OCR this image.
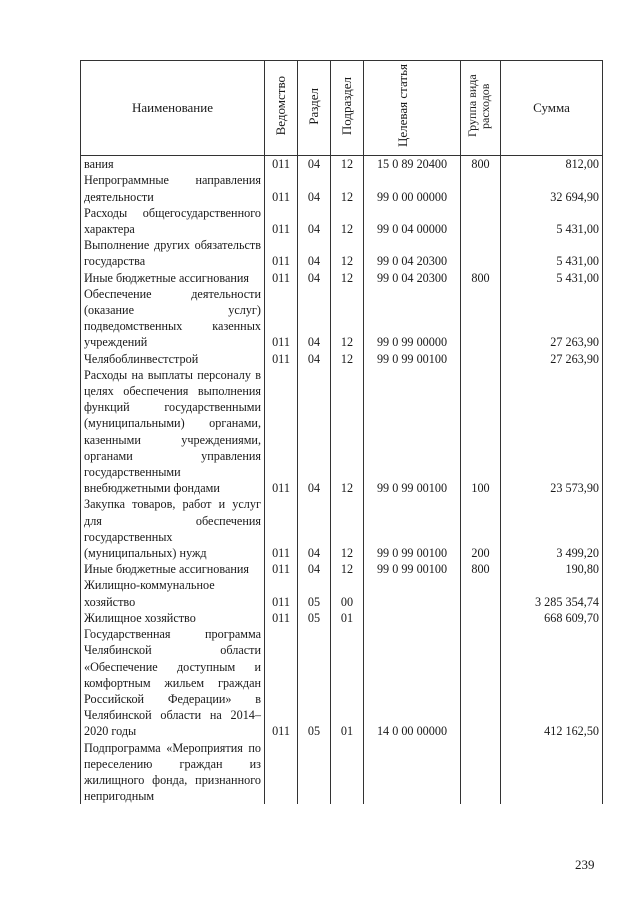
Наименование	Ведомство	Раздел	Подраздел	Целевая статья	Группа вида расходов	Сумма
вания	011	04	12	15 0 89 20400	800	812,00
Непрограммные направления деятельности	011	04	12	99 0 00 00000		32 694,90
Расходы общегосударственного характера	011	04	12	99 0 04 00000		5 431,00
Выполнение других обязательств государства	011	04	12	99 0 04 20300		5 431,00
Иные бюджетные ассигнования	011	04	12	99 0 04 20300	800	5 431,00
Обеспечение деятельности (оказание услуг) подведомственных казенных учреждений	011	04	12	99 0 99 00000		27 263,90
Челябоблинвестстрой	011	04	12	99 0 99 00100		27 263,90
Расходы на выплаты персоналу в целях обеспечения выполнения функций государственными (муниципальными) органами, казенными учреждениями, органами управления государственными внебюджетными фондами	011	04	12	99 0 99 00100	100	23 573,90
Закупка товаров, работ и услуг для обеспечения государственных (муниципальных) нужд	011	04	12	99 0 99 00100	200	3 499,20
Иные бюджетные ассигнования	011	04	12	99 0 99 00100	800	190,80
Жилищно-коммунальное хозяйство	011	05	00			3 285 354,74
Жилищное хозяйство	011	05	01			668 609,70
Государственная программа Челябинской области «Обеспечение доступным и комфортным жильем граждан Российской Федерации» в Челябинской области на 2014–2020 годы	011	05	01	14 0 00 00000		412 162,50
Подпрограмма «Мероприятия по переселению граждан из жилищного фонда, признанного непригодным						
239
